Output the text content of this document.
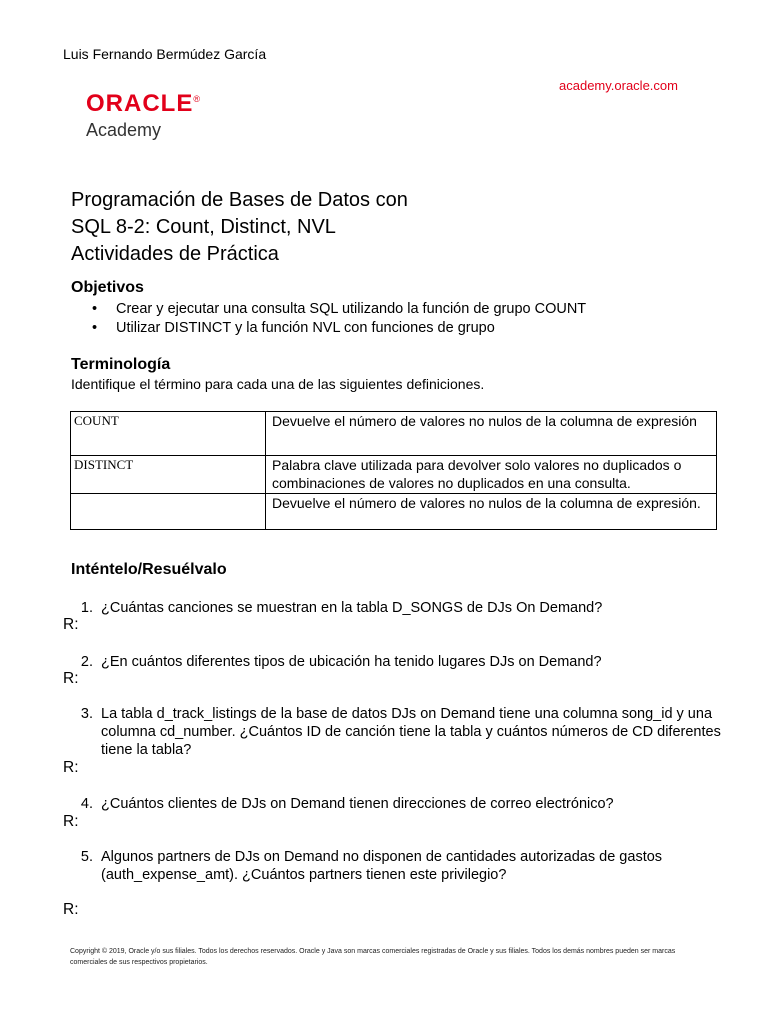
Luis Fernando Bermúdez García
academy.oracle.com
ORACLE®
Academy
Programación de Bases de Datos con
SQL 8-2: Count, Distinct, NVL
Actividades de Práctica
Objetivos
• Crear y ejecutar una consulta SQL utilizando la función de grupo COUNT
• Utilizar DISTINCT y la función NVL con funciones de grupo
Terminología
Identifique el término para cada una de las siguientes definiciones.
COUNT	Devuelve el número de valores no nulos de la columna de expresión
DISTINCT	Palabra clave utilizada para devolver solo valores no duplicados o combinaciones de valores no duplicados en una consulta.
	Devuelve el número de valores no nulos de la columna de expresión.
Inténtelo/Resuélvalo
1. ¿Cuántas canciones se muestran en la tabla D_SONGS de DJs On Demand?
R:
2. ¿En cuántos diferentes tipos de ubicación ha tenido lugares DJs on Demand?
R:
3. La tabla d_track_listings de la base de datos DJs on Demand tiene una columna song_id y una columna cd_number. ¿Cuántos ID de canción tiene la tabla y cuántos números de CD diferentes tiene la tabla?
R:
4. ¿Cuántos clientes de DJs on Demand tienen direcciones de correo electrónico?
R:
5. Algunos partners de DJs on Demand no disponen de cantidades autorizadas de gastos (auth_expense_amt). ¿Cuántos partners tienen este privilegio?
R:
Copyright © 2019, Oracle y/o sus filiales. Todos los derechos reservados. Oracle y Java son marcas comerciales registradas de Oracle y sus filiales. Todos los demás nombres pueden ser marcas comerciales de sus respectivos propietarios.
